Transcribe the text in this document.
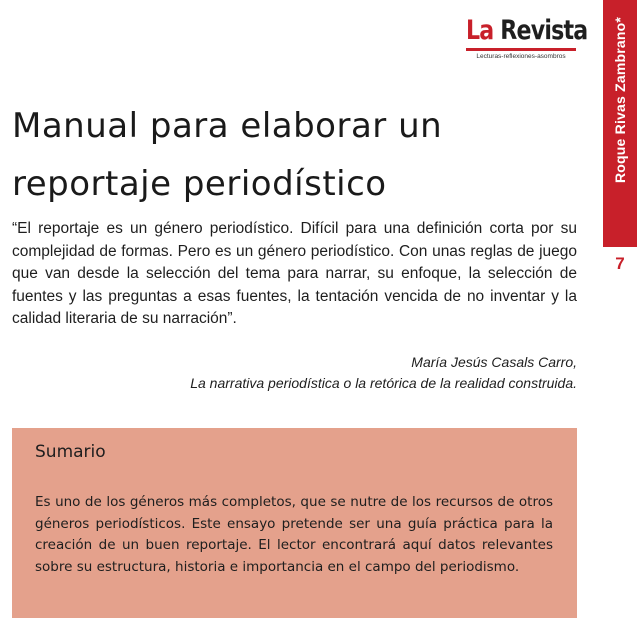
La Revista
Lecturas-reflexiones-asombros	Roque Rivas Zambrano*
7
Manual para elaborar un reportaje periodístico

“El reportaje es un género periodístico. Difícil para una definición corta por su complejidad de formas. Pero es un género periodístico. Con unas reglas de juego que van desde la selección del tema para narrar, su enfoque, la selección de fuentes y las preguntas a esas fuentes, la tentación vencida de no inventar y la calidad literaria de su narración”.

María Jesús Casals Carro,
La narrativa periodística o la retórica de la realidad construida.
Sumario

Es uno de los géneros más completos, que se nutre de los recursos de otros géneros periodísticos. Este ensayo pretende ser una guía práctica para la creación de un buen reportaje. El lector encontrará aquí datos relevantes sobre su estructura, historia e importancia en el campo del periodismo.
